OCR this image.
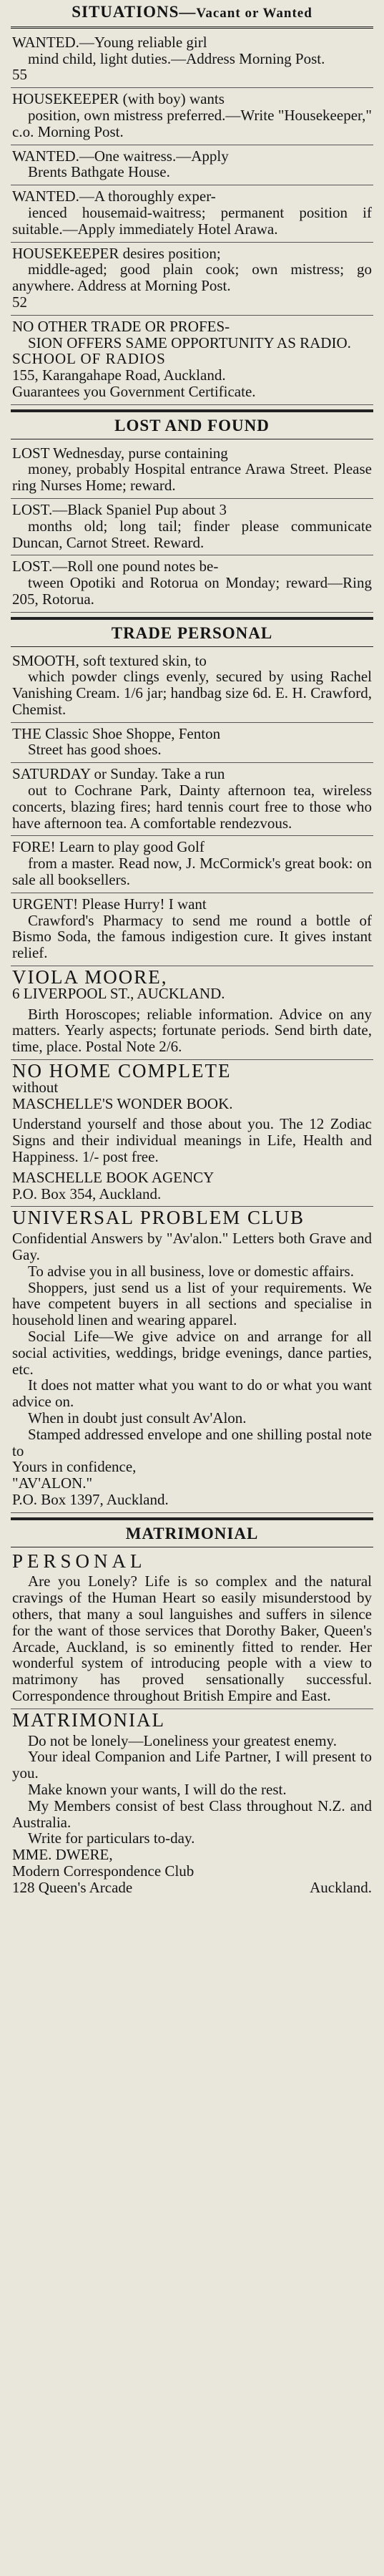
SITUATIONS—Vacant or Wanted

WANTED.—Young reliable girl

mind child, light duties.—Address Morning Post.

55

HOUSEKEEPER (with boy) wants

position, own mistress preferred.—Write "Housekeeper," c.o. Morning Post.

WANTED.—One waitress.—Apply

Brents Bathgate House.

WANTED.—A thoroughly exper-

ienced housemaid-waitress; permanent position if suitable.—Apply immediately Hotel Arawa.

HOUSEKEEPER desires position;

middle-aged; good plain cook; own mistress; go anywhere. Address at Morning Post.

52

NO OTHER TRADE OR PROFES-

SION OFFERS SAME OPPORTUNITY AS RADIO.

SCHOOL OF RADIOS

155, Karangahape Road, Auckland.

Guarantees you Government Certificate.

LOST AND FOUND

LOST Wednesday, purse containing

money, probably Hospital entrance Arawa Street. Please ring Nurses Home; reward.

LOST.—Black Spaniel Pup about 3

months old; long tail; finder please communicate Duncan, Carnot Street. Reward.

LOST.—Roll one pound notes be-

tween Opotiki and Rotorua on Monday; reward—Ring 205, Rotorua.

TRADE PERSONAL

SMOOTH, soft textured skin, to

which powder clings evenly, secured by using Rachel Vanishing Cream. 1/6 jar; handbag size 6d. E. H. Crawford, Chemist.

THE Classic Shoe Shoppe, Fenton

Street has good shoes.

SATURDAY or Sunday. Take a run

out to Cochrane Park, Dainty afternoon tea, wireless concerts, blazing fires; hard tennis court free to those who have afternoon tea. A comfortable rendezvous.

FORE! Learn to play good Golf

from a master. Read now, J. McCormick's great book: on sale all booksellers.

URGENT! Please Hurry! I want

Crawford's Pharmacy to send me round a bottle of Bismo Soda, the famous indigestion cure. It gives instant relief.

VIOLA MOORE,

6 LIVERPOOL ST., AUCKLAND.

Birth Horoscopes; reliable information. Advice on any matters. Yearly aspects; fortunate periods. Send birth date, time, place. Postal Note 2/6.

NO HOME COMPLETE

without

MASCHELLE'S WONDER BOOK.

Understand yourself and those about you. The 12 Zodiac Signs and their individual meanings in Life, Health and Happiness. 1/- post free.

MASCHELLE BOOK AGENCY

P.O. Box 354, Auckland.

UNIVERSAL PROBLEM CLUB

Confidential Answers by "Av'alon." Letters both Grave and Gay.

To advise you in all business, love or domestic affairs.

Shoppers, just send us a list of your requirements. We have competent buyers in all sections and specialise in household linen and wearing apparel.

Social Life—We give advice on and arrange for all social activities, weddings, bridge evenings, dance parties, etc.

It does not matter what you want to do or what you want advice on.

When in doubt just consult Av'Alon.

Stamped addressed envelope and one shilling postal note to

Yours in confidence,

"AV'ALON."

P.O. Box 1397, Auckland.

MATRIMONIAL

PERSONAL

Are you Lonely? Life is so complex and the natural cravings of the Human Heart so easily misunderstood by others, that many a soul languishes and suffers in silence for the want of those services that Dorothy Baker, Queen's Arcade, Auckland, is so eminently fitted to render. Her wonderful system of introducing people with a view to matrimony has proved sensationally successful. Correspondence throughout British Empire and East.

MATRIMONIAL

Do not be lonely—Loneliness your greatest enemy.

Your ideal Companion and Life Partner, I will present to you.

Make known your wants, I will do the rest.

My Members consist of best Class throughout N.Z. and Australia.

Write for particulars to-day.

MME. DWERE,

Modern Correspondence Club

128 Queen's Arcade	Auckland.
